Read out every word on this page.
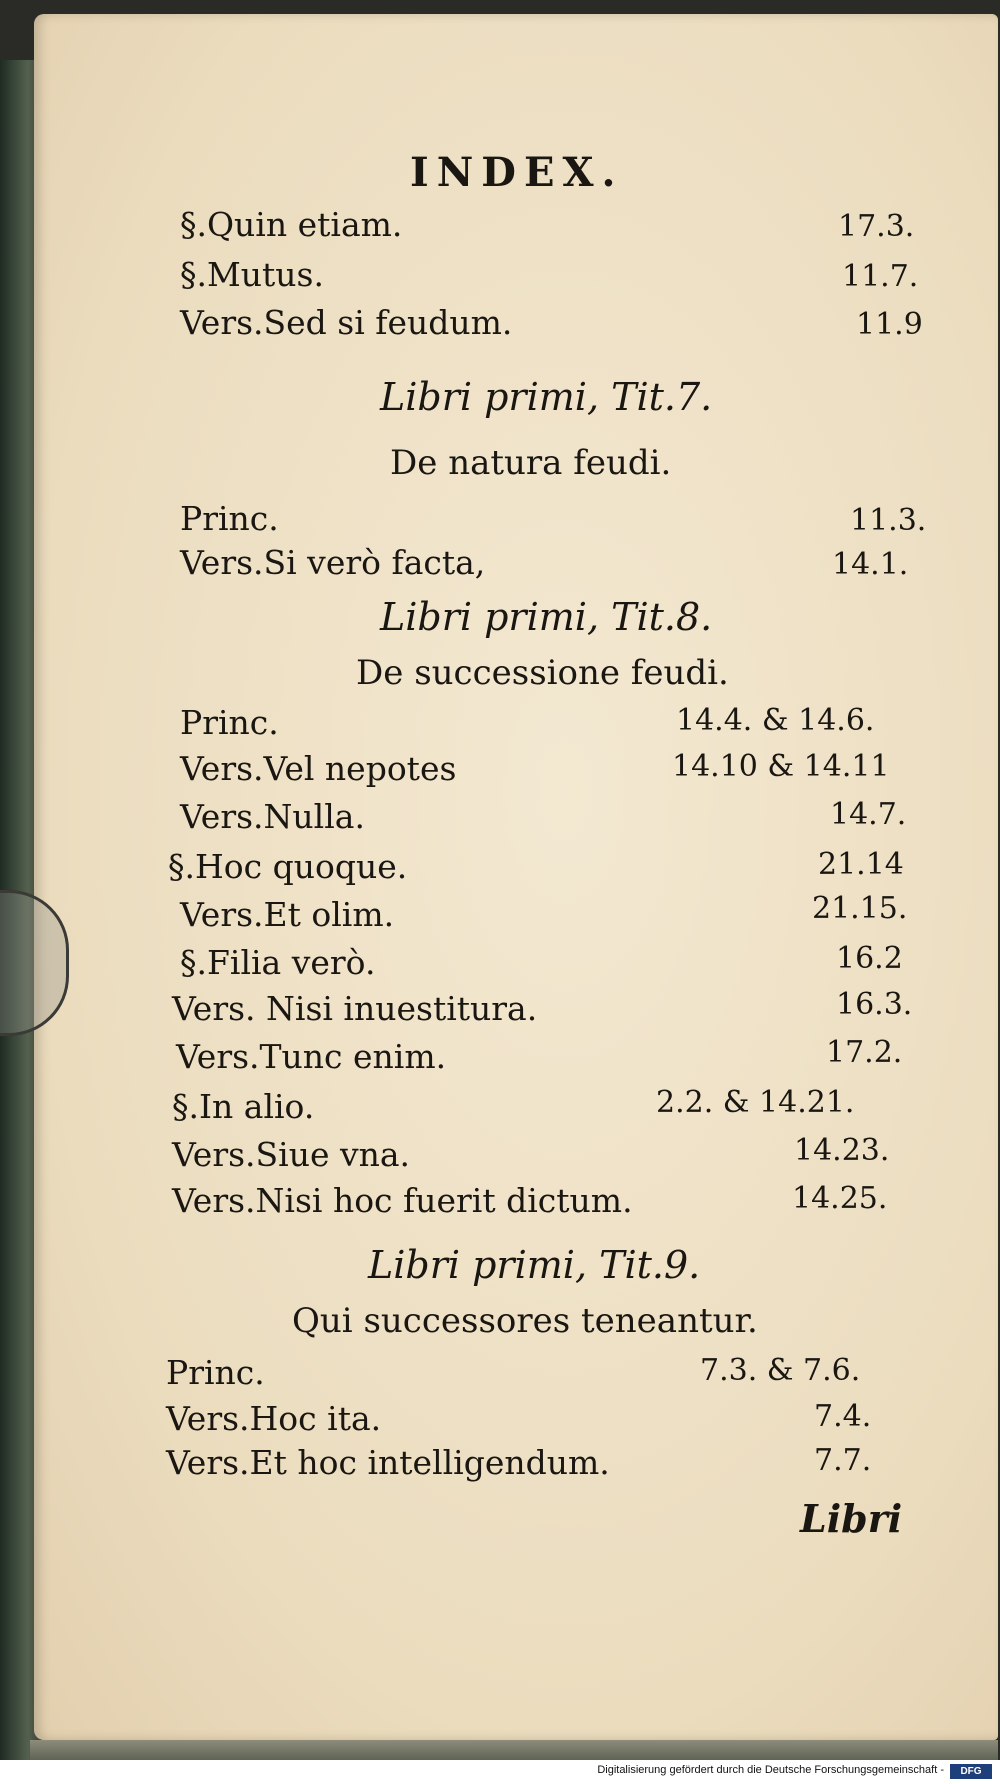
INDEX.
§.Quin etiam.	17.3.
§.Mutus.	11.7.
Vers.Sed si feudum.	11.9
Libri primi, Tit.7.
De natura feudi.
Princ.	11.3.
Vers.Si verò facta,	14.1.
Libri primi, Tit.8.
De successione feudi.
Princ.	14.4. & 14.6.
Vers.Vel nepotes	14.10 & 14.11
Vers.Nulla.	14.7.
§.Hoc quoque.	21.14
Vers.Et olim.	21.15.
§.Filia verò.	16.2
Vers. Nisi inuestitura.	16.3.
Vers.Tunc enim.	17.2.
§.In alio.	2.2. & 14.21.
Vers.Siue vna.	14.23.
Vers.Nisi hoc fuerit dictum.	14.25.
Libri primi, Tit.9.
Qui successores teneantur.
Princ.	7.3. & 7.6.
Vers.Hoc ita.	7.4.
Vers.Et hoc intelligendum.	7.7.
Libri
Digitalisierung gefördert durch die Deutsche Forschungsgemeinschaft -	DFG
